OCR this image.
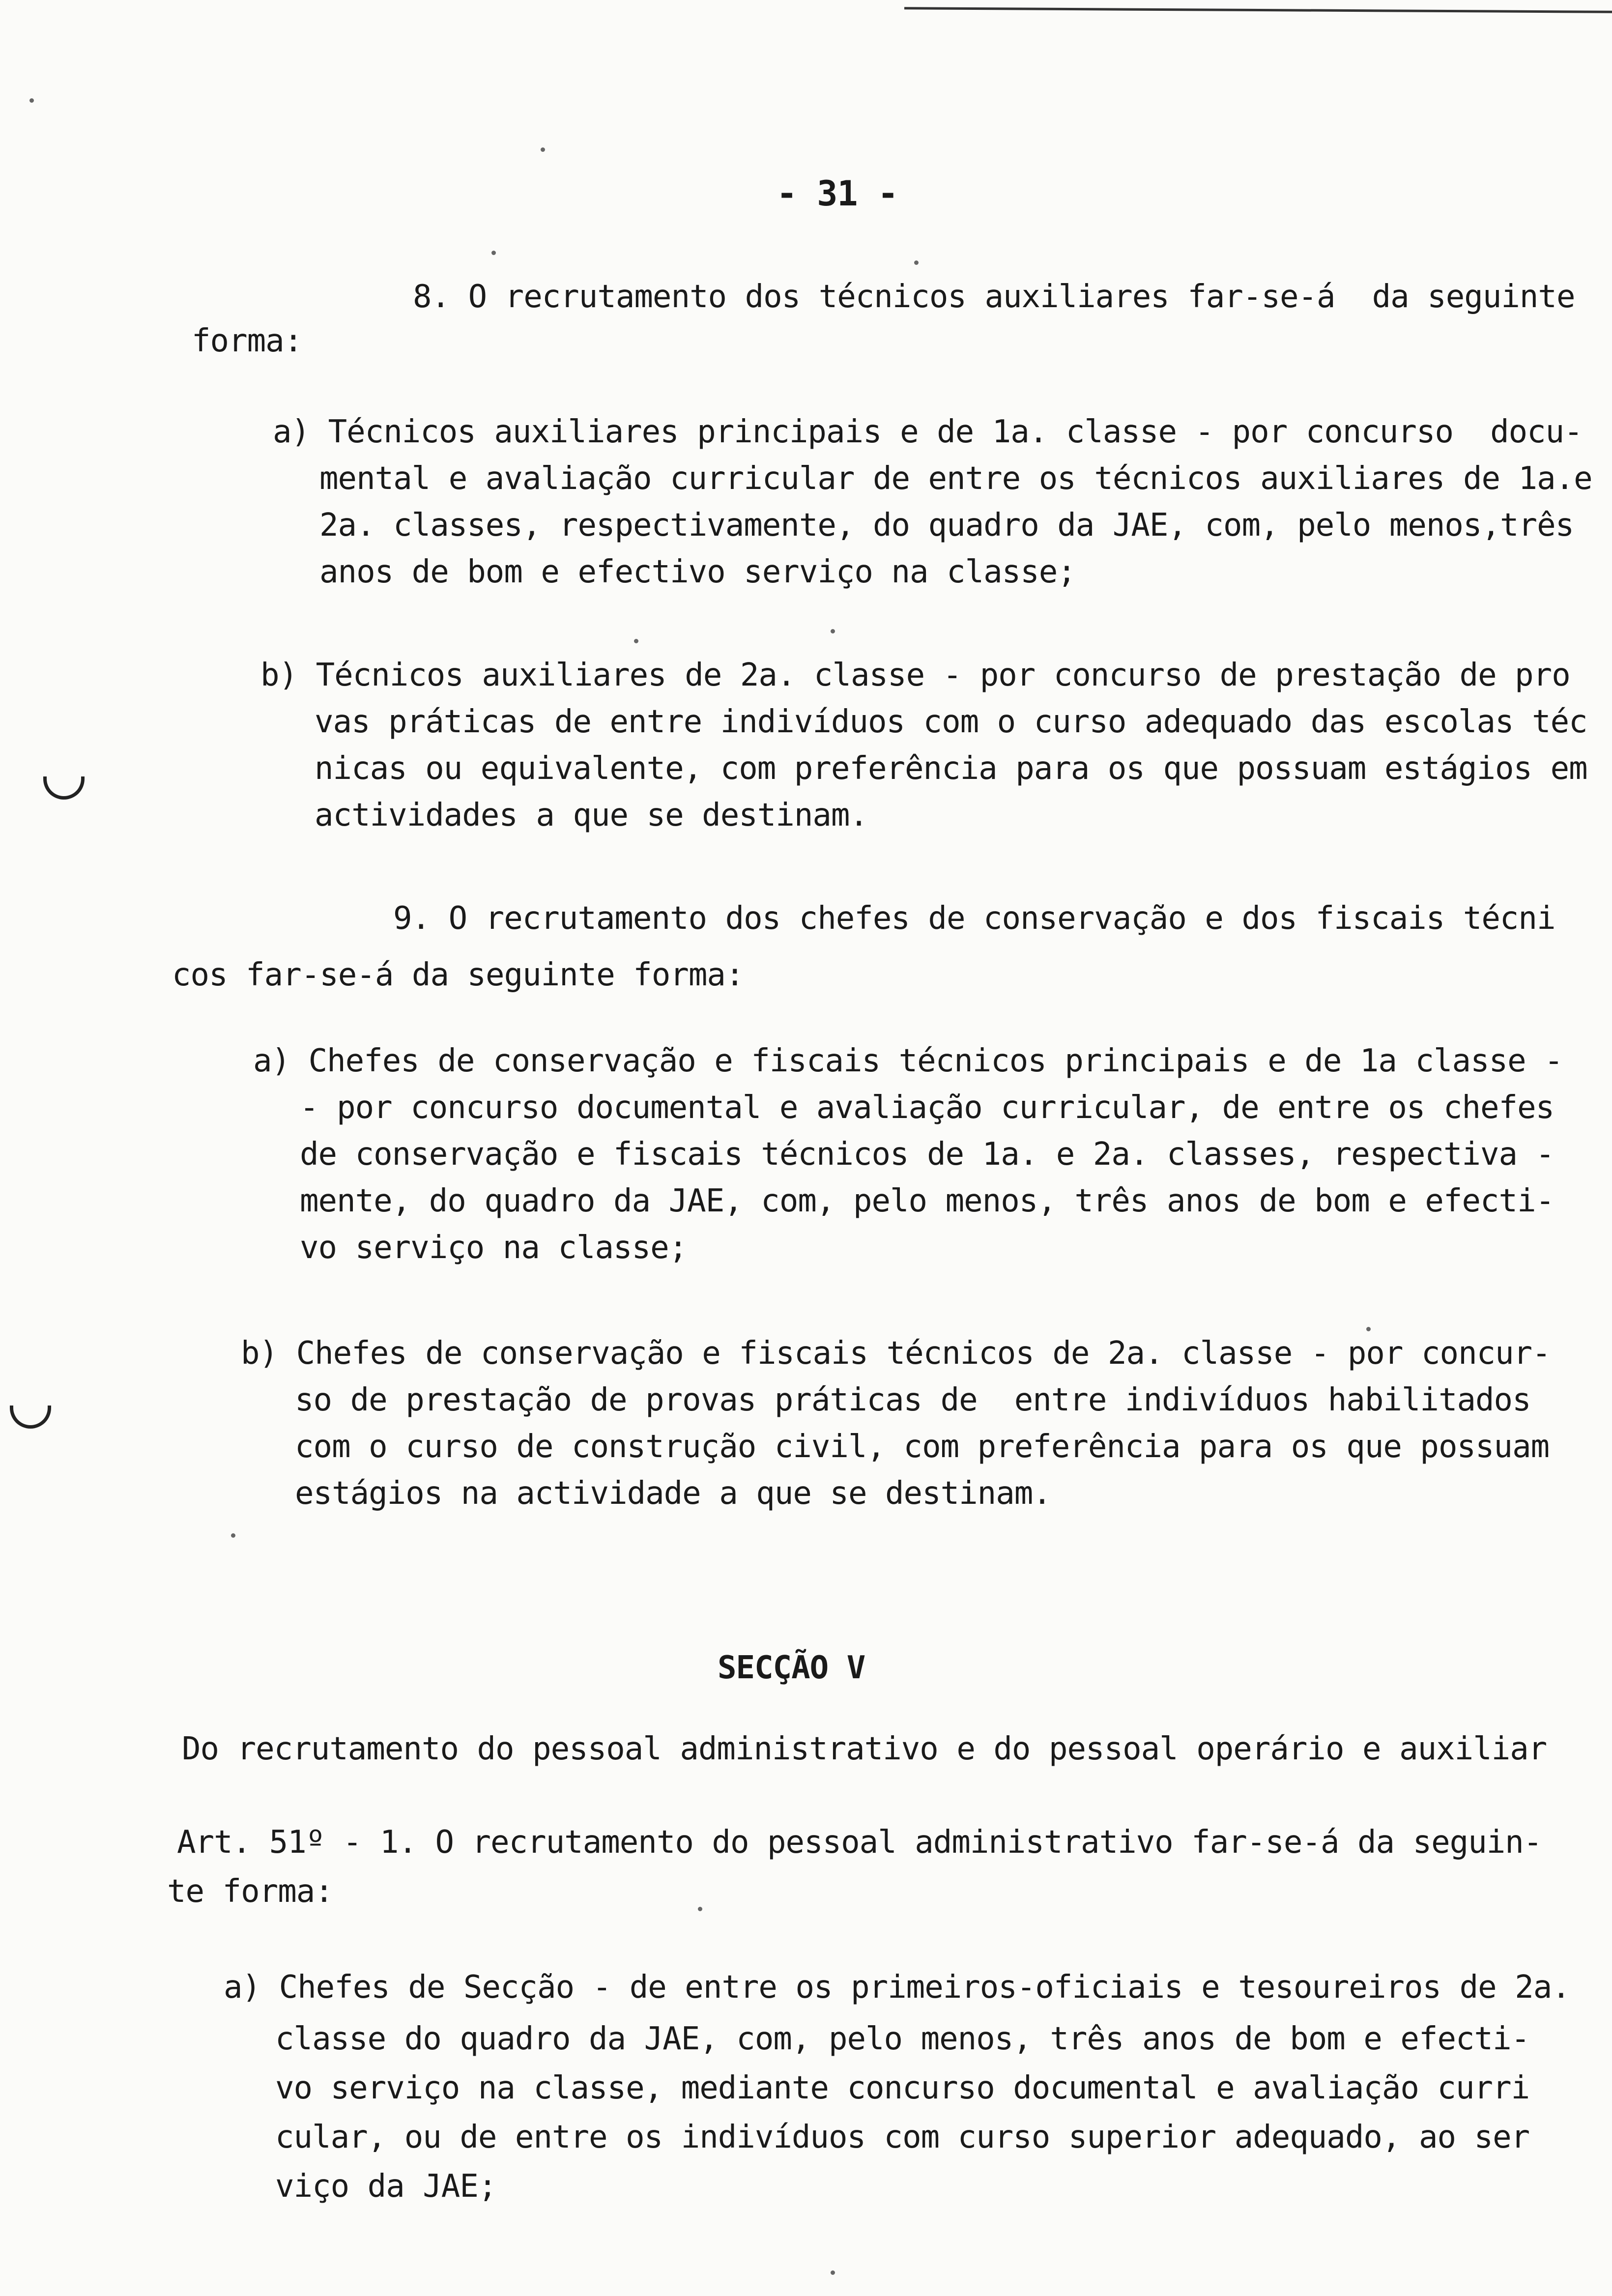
- 31 -
8. O recrutamento dos técnicos auxiliares far-se-á  da seguinte
forma:
a) Técnicos auxiliares principais e de 1a. classe - por concurso  docu-
mental e avaliação curricular de entre os técnicos auxiliares de 1a.e
2a. classes, respectivamente, do quadro da JAE, com, pelo menos,três
anos de bom e efectivo serviço na classe;
b) Técnicos auxiliares de 2a. classe - por concurso de prestação de pro
vas práticas de entre indivíduos com o curso adequado das escolas téc
nicas ou equivalente, com preferência para os que possuam estágios em
actividades a que se destinam.
9. O recrutamento dos chefes de conservação e dos fiscais técni
cos far-se-á da seguinte forma:
a) Chefes de conservação e fiscais técnicos principais e de 1a classe -
- por concurso documental e avaliação curricular, de entre os chefes
de conservação e fiscais técnicos de 1a. e 2a. classes, respectiva -
mente, do quadro da JAE, com, pelo menos, três anos de bom e efecti-
vo serviço na classe;
b) Chefes de conservação e fiscais técnicos de 2a. classe - por concur-
so de prestação de provas práticas de  entre indivíduos habilitados
com o curso de construção civil, com preferência para os que possuam
estágios na actividade a que se destinam.
SECÇÃO V
Do recrutamento do pessoal administrativo e do pessoal operário e auxiliar
Art. 51º - 1. O recrutamento do pessoal administrativo far-se-á da seguin-
te forma:
a) Chefes de Secção - de entre os primeiros-oficiais e tesoureiros de 2a.
classe do quadro da JAE, com, pelo menos, três anos de bom e efecti-
vo serviço na classe, mediante concurso documental e avaliação curri
cular, ou de entre os indivíduos com curso superior adequado, ao ser
viço da JAE;
